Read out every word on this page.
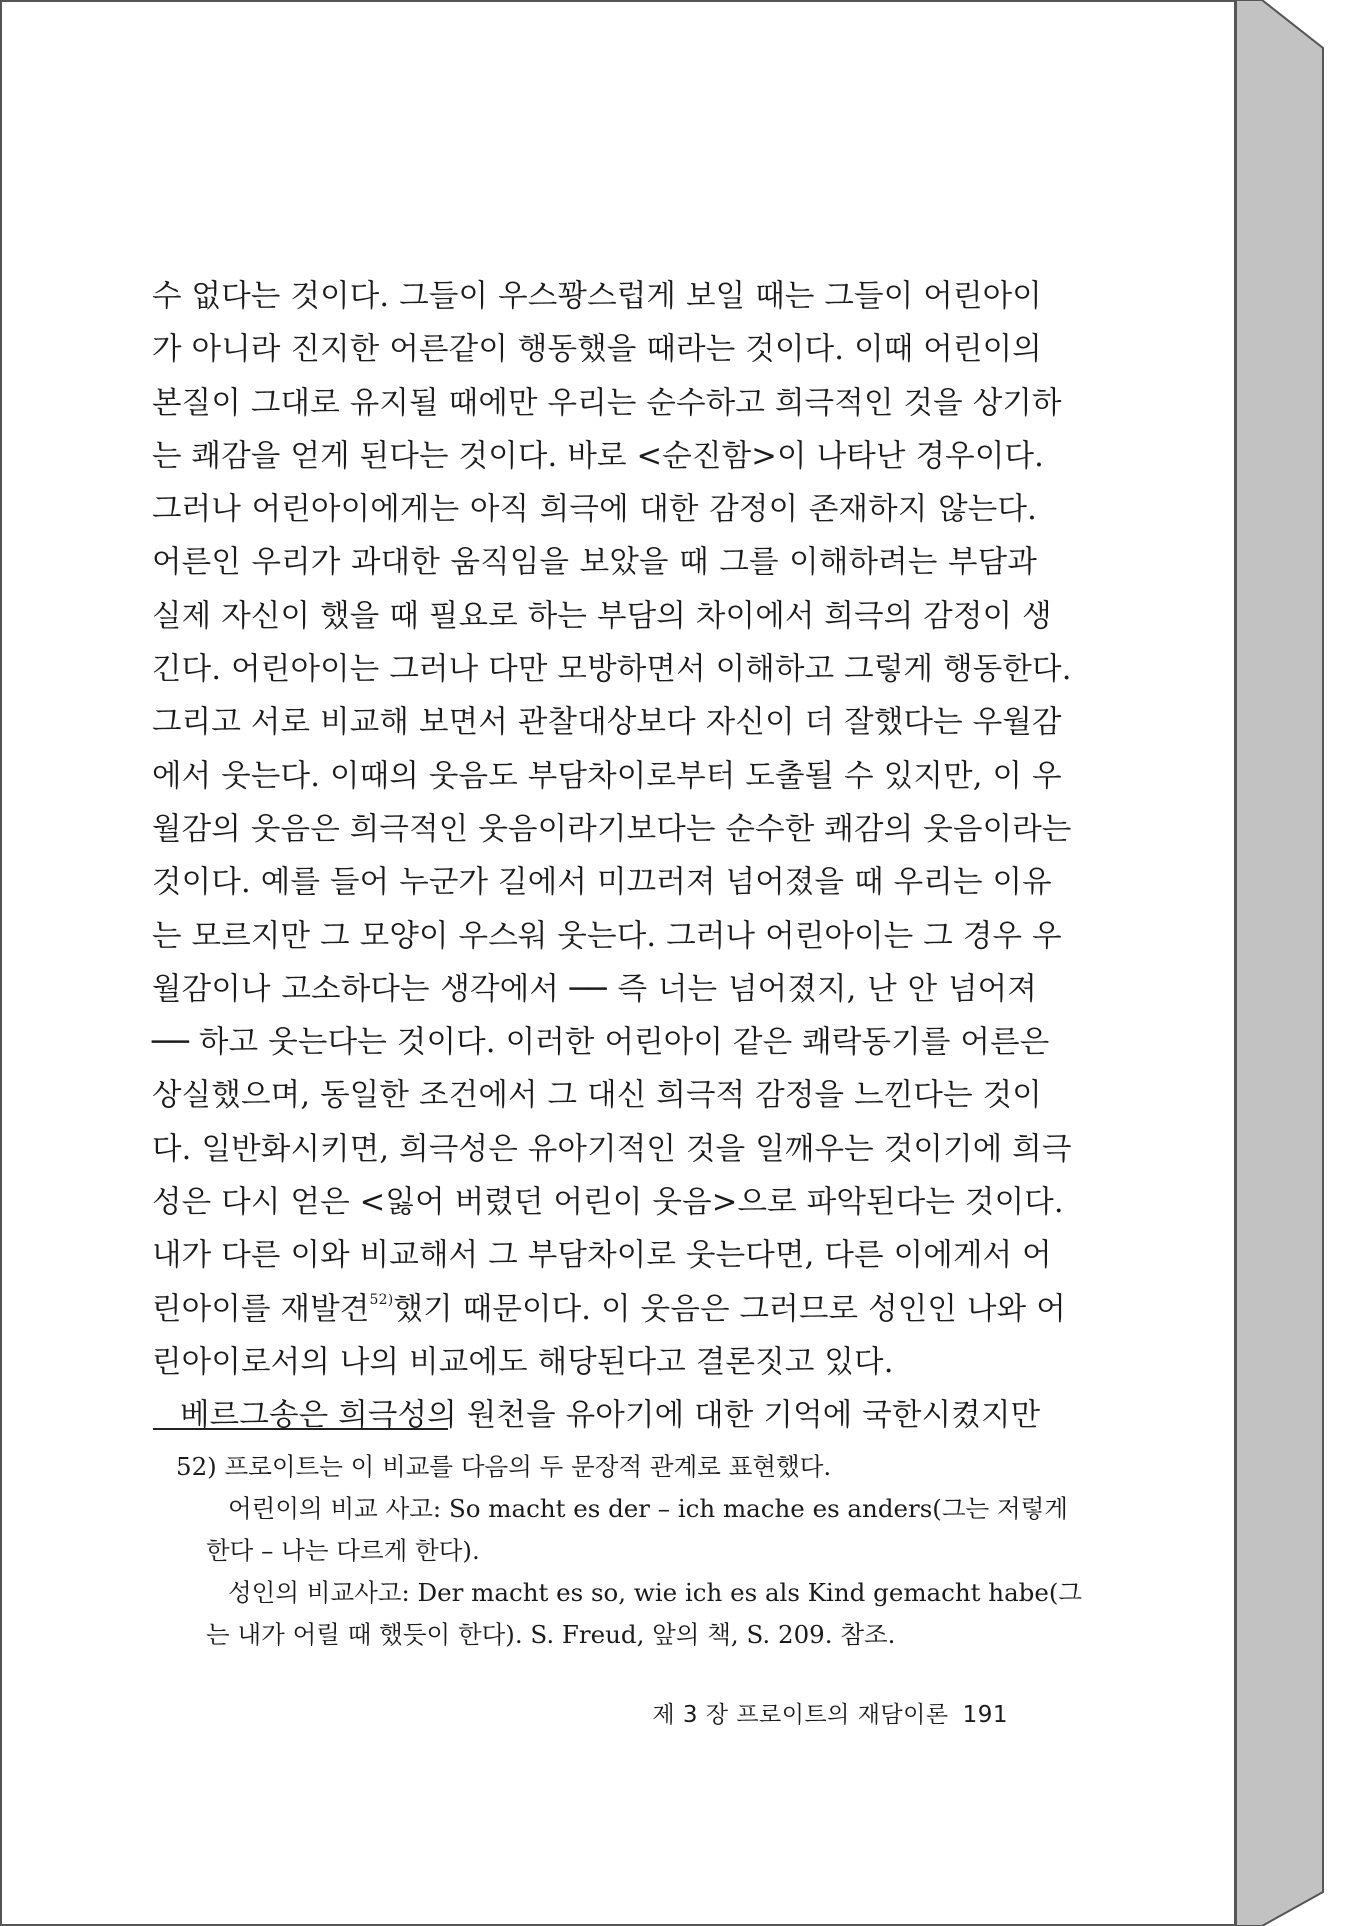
수 없다는 것이다. 그들이 우스꽝스럽게 보일 때는 그들이 어린아이
가 아니라 진지한 어른같이 행동했을 때라는 것이다. 이때 어린이의
본질이 그대로 유지될 때에만 우리는 순수하고 희극적인 것을 상기하
는 쾌감을 얻게 된다는 것이다. 바로 <순진함>이 나타난 경우이다.
그러나 어린아이에게는 아직 희극에 대한 감정이 존재하지 않는다.
어른인 우리가 과대한 움직임을 보았을 때 그를 이해하려는 부담과
실제 자신이 했을 때 필요로 하는 부담의 차이에서 희극의 감정이 생
긴다. 어린아이는 그러나 다만 모방하면서 이해하고 그렇게 행동한다.
그리고 서로 비교해 보면서 관찰대상보다 자신이 더 잘했다는 우월감
에서 웃는다. 이때의 웃음도 부담차이로부터 도출될 수 있지만, 이 우
월감의 웃음은 희극적인 웃음이라기보다는 순수한 쾌감의 웃음이라는
것이다. 예를 들어 누군가 길에서 미끄러져 넘어졌을 때 우리는 이유
는 모르지만 그 모양이 우스워 웃는다. 그러나 어린아이는 그 경우 우
월감이나 고소하다는 생각에서 ── 즉 너는 넘어졌지, 난 안 넘어져
── 하고 웃는다는 것이다. 이러한 어린아이 같은 쾌락동기를 어른은
상실했으며, 동일한 조건에서 그 대신 희극적 감정을 느낀다는 것이
다. 일반화시키면, 희극성은 유아기적인 것을 일깨우는 것이기에 희극
성은 다시 얻은 <잃어 버렸던 어린이 웃음>으로 파악된다는 것이다.
내가 다른 이와 비교해서 그 부담차이로 웃는다면, 다른 이에게서 어
린아이를 재발견$^{52)}$했기 때문이다. 이 웃음은 그러므로 성인인 나와 어
린아이로서의 나의 비교에도 해당된다고 결론짓고 있다.
베르그송은 희극성의 원천을 유아기에 대한 기억에 국한시켰지만
52) 프로이트는 이 비교를 다음의 두 문장적 관계로 표현했다.
어린이의 비교 사고: So macht es der – ich mache es anders(그는 저렇게
한다 – 나는 다르게 한다).
성인의 비교사고: Der macht es so, wie ich es als Kind gemacht habe(그
는 내가 어릴 때 했듯이 한다). S. Freud, 앞의 책, S. 209. 참조.
제 3 장 프로이트의 재담이론 191
